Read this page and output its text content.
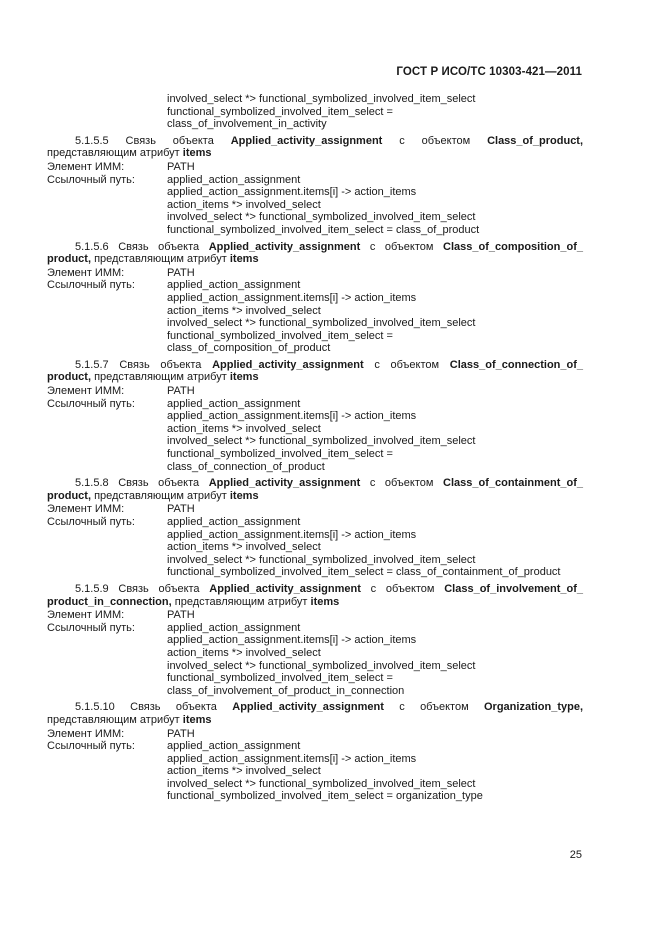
ГОСТ Р ИСО/ТС 10303-421—2011
involved_select *> functional_symbolized_involved_item_select
functional_symbolized_involved_item_select =
class_of_involvement_in_activity
5.1.5.5 Связь объекта Applied_activity_assignment с объектом Class_of_product, представляющим атрибут items
Элемент ИММ:	PATH
Ссылочный путь:	applied_action_assignment
applied_action_assignment.items[i] -> action_items
action_items *> involved_select
involved_select *> functional_symbolized_involved_item_select
functional_symbolized_involved_item_select = class_of_product
5.1.5.6 Связь объекта Applied_activity_assignment с объектом Class_of_composition_of_ product, представляющим атрибут items
Элемент ИММ:	PATH
Ссылочный путь:	applied_action_assignment
applied_action_assignment.items[i] -> action_items
action_items *> involved_select
involved_select *> functional_symbolized_involved_item_select
functional_symbolized_involved_item_select =
class_of_composition_of_product
5.1.5.7 Связь объекта Applied_activity_assignment с объектом Class_of_connection_of_ product, представляющим атрибут items
Элемент ИММ:	PATH
Ссылочный путь:	applied_action_assignment
applied_action_assignment.items[i] -> action_items
action_items *> involved_select
involved_select *> functional_symbolized_involved_item_select
functional_symbolized_involved_item_select =
class_of_connection_of_product
5.1.5.8 Связь объекта Applied_activity_assignment с объектом Class_of_containment_of_ product, представляющим атрибут items
Элемент ИММ:	PATH
Ссылочный путь:	applied_action_assignment
applied_action_assignment.items[i] -> action_items
action_items *> involved_select
involved_select *> functional_symbolized_involved_item_select
functional_symbolized_involved_item_select = class_of_containment_of_product
5.1.5.9 Связь объекта Applied_activity_assignment с объектом Class_of_involvement_of_ product_in_connection, представляющим атрибут items
Элемент ИММ:	PATH
Ссылочный путь:	applied_action_assignment
applied_action_assignment.items[i] -> action_items
action_items *> involved_select
involved_select *> functional_symbolized_involved_item_select
functional_symbolized_involved_item_select =
class_of_involvement_of_product_in_connection
5.1.5.10 Связь объекта Applied_activity_assignment с объектом Organization_type, представляющим атрибут items
Элемент ИММ:	PATH
Ссылочный путь:	applied_action_assignment
applied_action_assignment.items[i] -> action_items
action_items *> involved_select
involved_select *> functional_symbolized_involved_item_select
functional_symbolized_involved_item_select = organization_type
25
